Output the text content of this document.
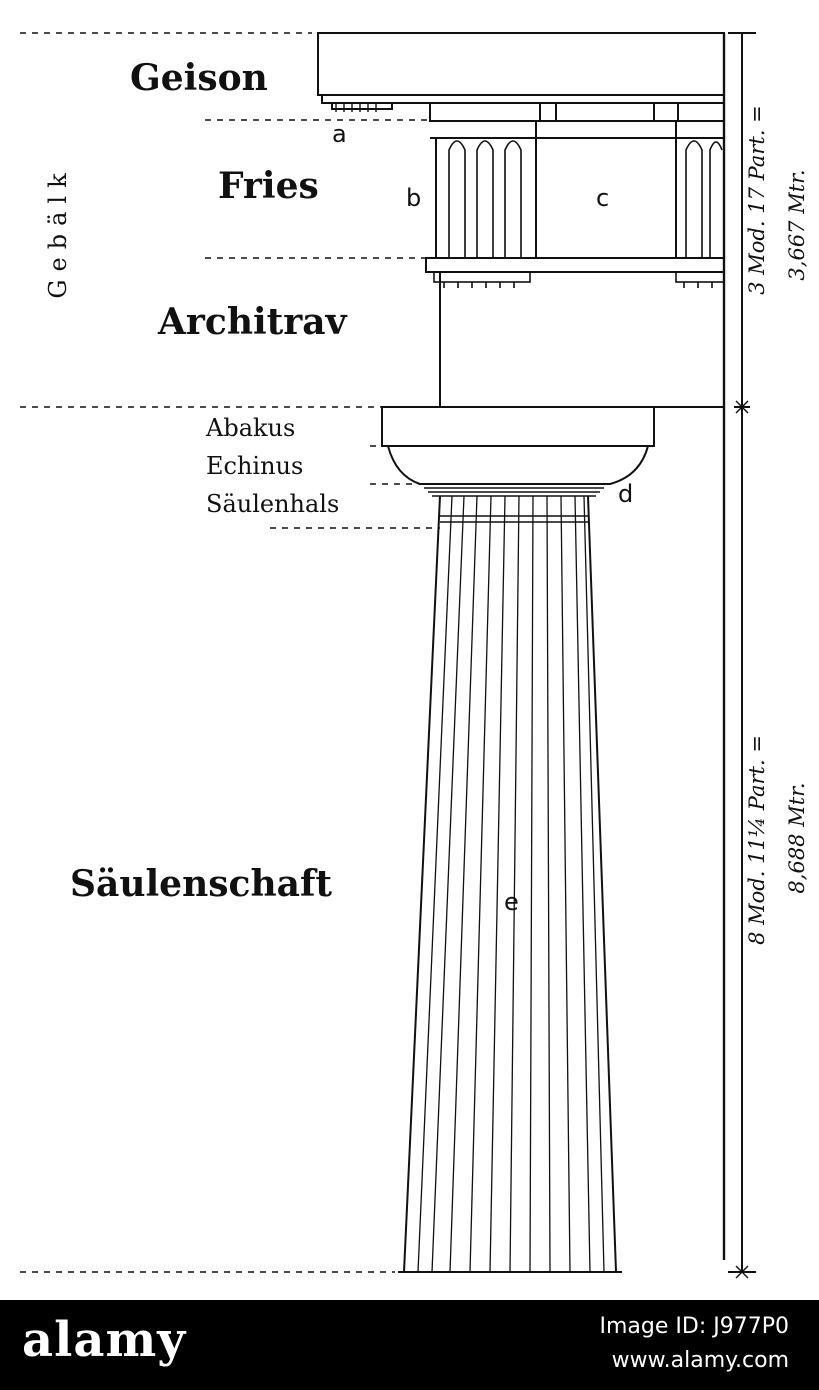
Gebälk
Geison
Fries
Architrav
Abakus
Echinus
Säulenhals
Säulenschaft
a
b	c
d
e
3 Mod. 17 Part. = 3,667 Mtr.
8 Mod. 11¼ Part. = 8,688 Mtr.
a
alamy	Image ID: J977P0
www.alamy.com
